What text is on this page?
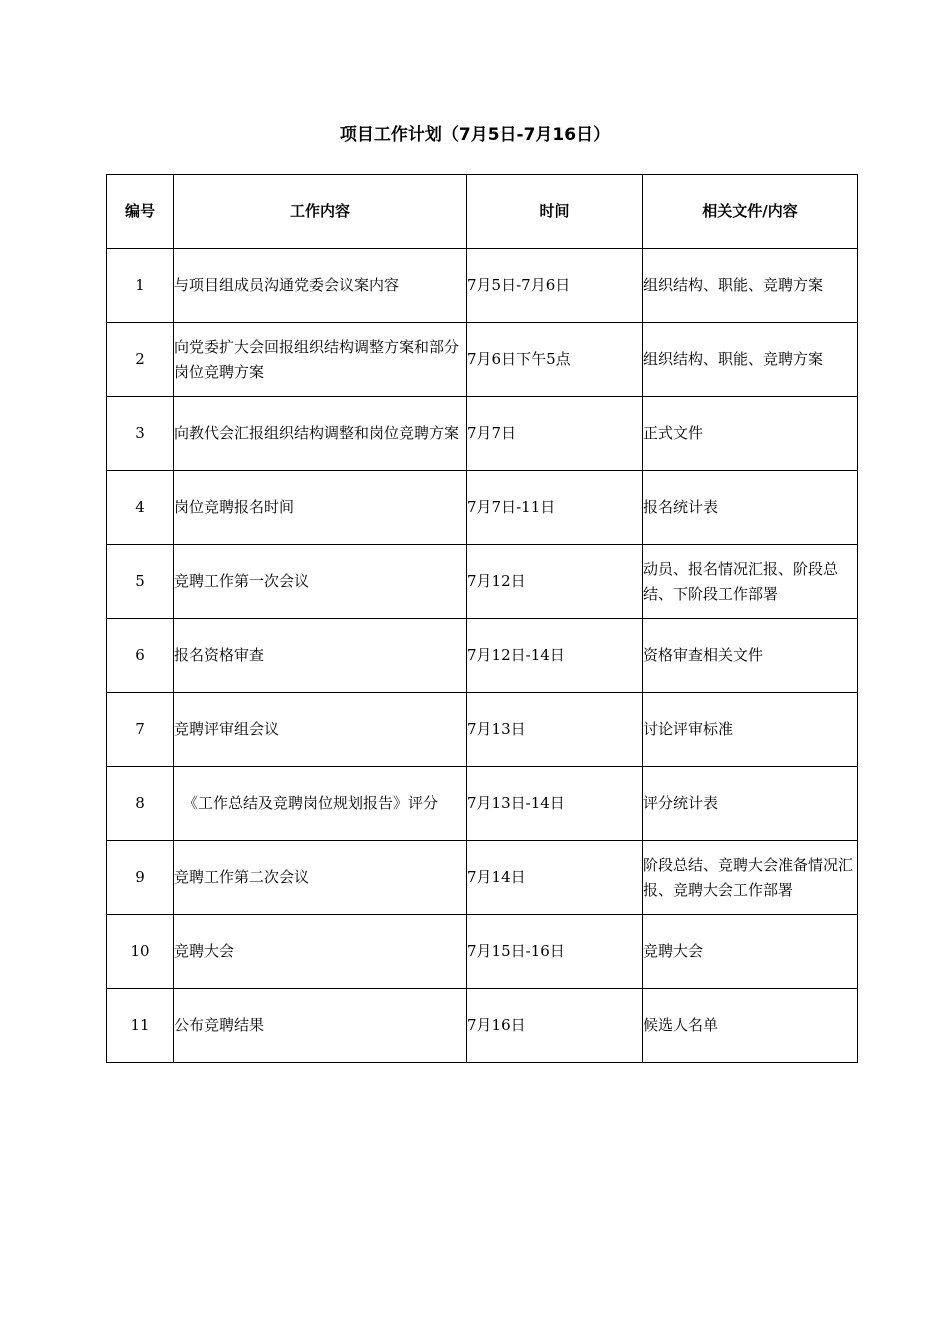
项目工作计划（7月5日-7月16日）
编号	工作内容	时间	相关文件/内容
1	与项目组成员沟通党委会议案内容	7月5日-7月6日	组织结构、职能、竞聘方案
2	向党委扩大会回报组织结构调整方案和部分岗位竞聘方案	7月6日下午5点	组织结构、职能、竞聘方案
3	向教代会汇报组织结构调整和岗位竞聘方案	7月7日	正式文件
4	岗位竞聘报名时间	7月7日-11日	报名统计表
5	竞聘工作第一次会议	7月12日	动员、报名情况汇报、阶段总结、下阶段工作部署
6	报名资格审查	7月12日-14日	资格审查相关文件
7	竞聘评审组会议	7月13日	讨论评审标准
8	《工作总结及竞聘岗位规划报告》评分	7月13日-14日	评分统计表
9	竞聘工作第二次会议	7月14日	阶段总结、竞聘大会准备情况汇报、竞聘大会工作部署
10	竞聘大会	7月15日-16日	竞聘大会
11	公布竞聘结果	7月16日	候选人名单
